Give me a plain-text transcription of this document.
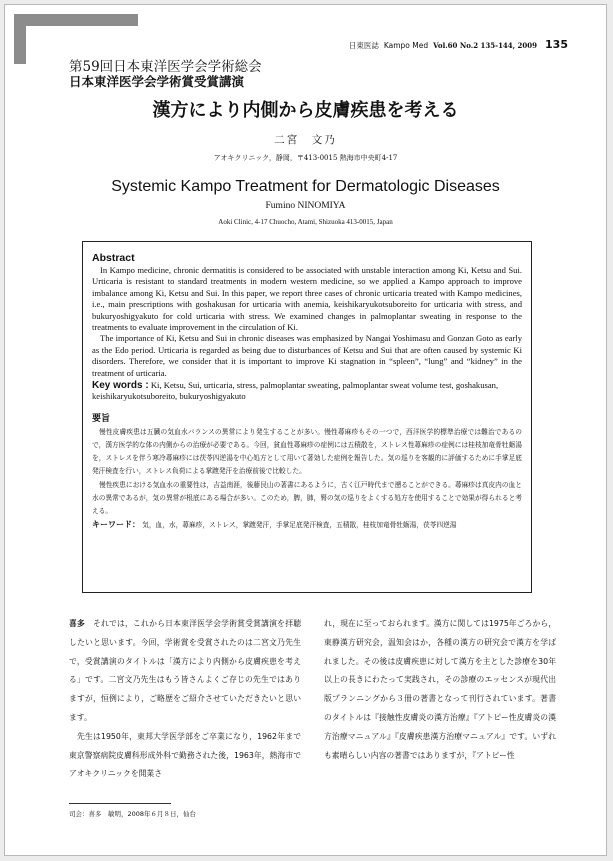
日東医誌 Kampo Med Vol.60 No.2 135-144, 2009 135
第59回日本東洋医学会学術総会
日本東洋医学会学術賞受賞講演
漢方により内側から皮膚疾患を考える
二宮　文乃
アオキクリニック，静岡，〒413-0015 熱海市中央町4-17
Systemic Kampo Treatment for Dermatologic Diseases
Fumino NINOMIYA
Aoki Clinic, 4-17 Chuocho, Atami, Shizuoka 413-0015, Japan
Abstract

In Kampo medicine, chronic dermatitis is considered to be associated with unstable interaction among Ki, Ketsu and Sui. Urticaria is resistant to standard treatments in modern western medicine, so we applied a Kampo approach to improve imbalance among Ki, Ketsu and Sui. In this paper, we report three cases of chronic urticaria treated with Kampo medicines, i.e., main prescriptions with goshakusan for urticaria with anemia, keishikaryukotsuboreito for urticaria with stress, and bukuryoshigyakuto for cold urticaria with stress. We examined changes in palmoplantar sweating in response to the treatments to evaluate improvement in the circulation of Ki.

The importance of Ki, Ketsu and Sui in chronic diseases was emphasized by Nangai Yoshimasu and Gonzan Goto as early as the Edo period. Urticaria is regarded as being due to disturbances of Ketsu and Sui that are often caused by systemic Ki disorders. Therefore, we consider that it is important to improve Ki stagnation in “spleen”, “lung” and “kidney” in the treatment of urticaria.

Key words : Ki, Ketsu, Sui, urticaria, stress, palmoplantar sweating, palmoplantar sweat volume test, goshakusan, keishikaryukotsuboreito, bukuryoshigyakuto
要旨

慢性皮膚疾患は五臓の気血水バランスの異常により発生することが多い。慢性蕁麻疹もその一つで，西洋医学的標準治療では難治であるので，漢方医学的な体の内側からの治療が必要である。今回，貧血性蕁麻疹の症例には五積散を，ストレス性蕁麻疹の症例には桂枝加竜骨牡蛎湯を，ストレスを伴う寒冷蕁麻疹には茯苓四逆湯を中心処方として用いて著効した症例を報告した。気の巡りを客観的に評価するために手掌足底発汗検査を行い，ストレス負荷による掌蹠発汗を治療前後で比較した。

慢性疾患における気血水の重要性は，吉益南涯，後藤艮山の著書にあるように，古く江戸時代まで遡ることができる。蕁麻疹は真皮内の血と水の異常であるが，気の異常が根底にある場合が多い。このため，脾，肺，腎の気の巡りをよくする処方を使用することで効果が得られると考える。

キーワード： 気，血，水，蕁麻疹，ストレス，掌蹠発汗，手掌足底発汗検査，五積散，桂枝加竜骨牡蛎湯，茯苓四逆湯

喜多 それでは，これから日本東洋医学会学術賞受賞講演を拝聴したいと思います。今回，学術賞を受賞されたのは二宮文乃先生で，受賞講演のタイトルは「漢方により内側から皮膚疾患を考える」です。二宮文乃先生はもう皆さんよくご存じの先生ではありますが，恒例により，ご略歴をご紹介させていただきたいと思います。

先生は1950年，東邦大学医学部をご卒業になり，1962年まで東京警察病院皮膚科形成外科で勤務された後，1963年，熱海市でアオキクリニックを開業さ

れ，現在に至っておられます。漢方に関しては1975年ごろから，東静漢方研究会，温知会はか，各種の漢方の研究会で漢方を学ばれました。その後は皮膚疾患に対して漢方を主とした診療を30年以上の長きにわたって実践され，その診療のエッセンスが現代出版プランニングから３冊の著書となって刊行されています。著書のタイトルは『接触性皮膚炎の漢方治療』『アトピー性皮膚炎の漢方治療マニュアル』『皮膚疾患漢方治療マニュアル』です。いずれも素晴らしい内容の著書ではありますが，『アトピー性

司会：喜多　敏明，2008年６月８日，仙台
